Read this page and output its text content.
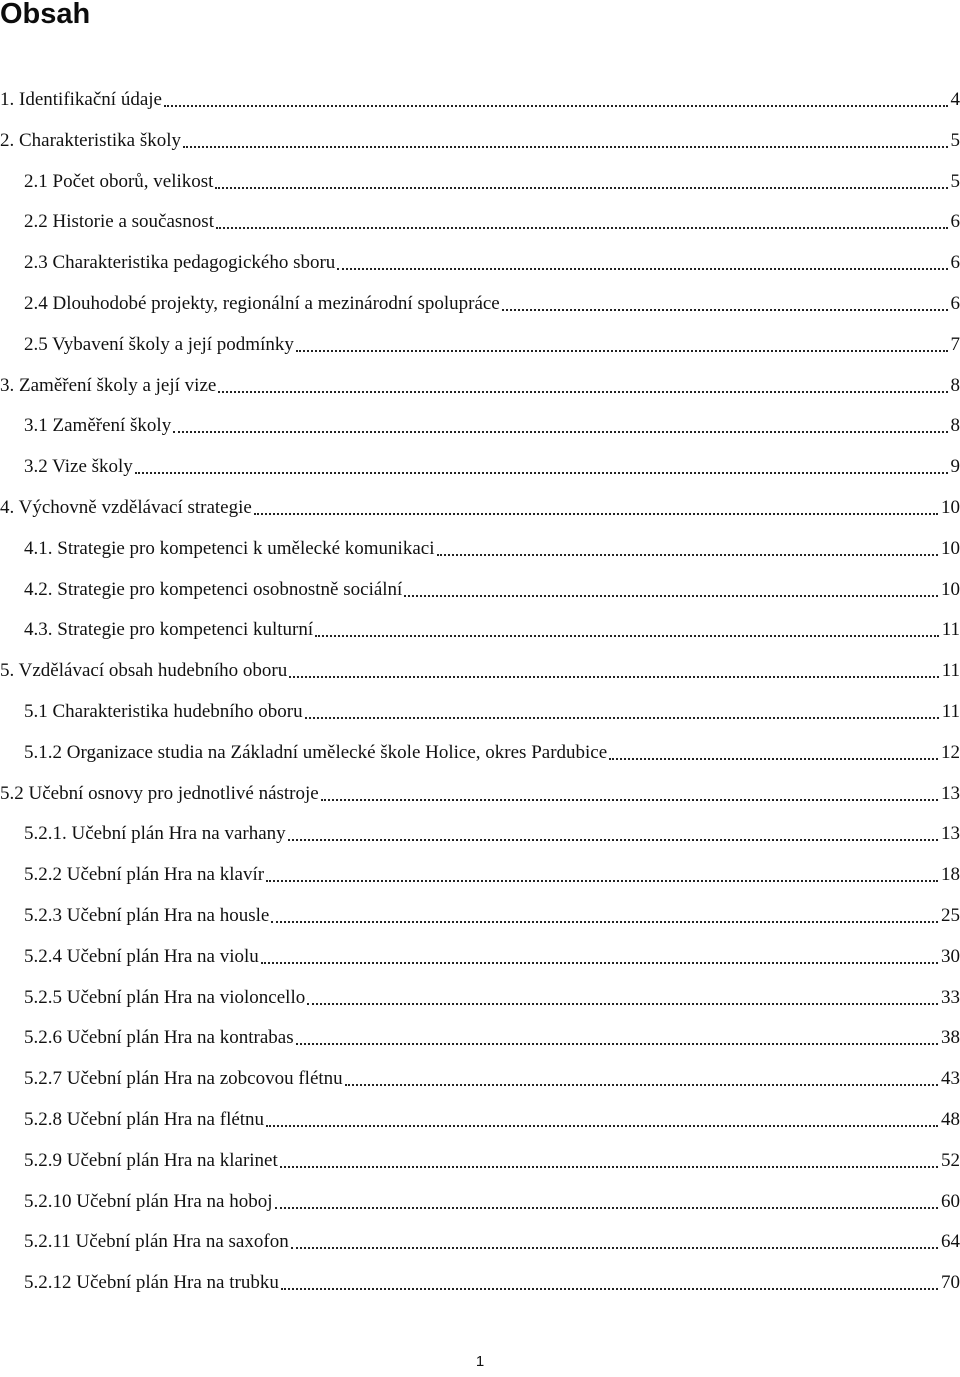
Obsah
1. Identifikační údaje	4
2. Charakteristika školy	5
2.1 Počet oborů, velikost	5
2.2 Historie a současnost	6
2.3 Charakteristika pedagogického sboru	6
2.4 Dlouhodobé projekty, regionální a mezinárodní spolupráce	6
2.5 Vybavení školy a její podmínky	7
3. Zaměření školy a její vize	8
3.1 Zaměření školy	8
3.2 Vize školy	9
4. Výchovně vzdělávací strategie	10
4.1. Strategie pro kompetenci k umělecké komunikaci	10
4.2. Strategie pro kompetenci osobnostně sociální	10
4.3. Strategie pro kompetenci kulturní	11
5. Vzdělávací obsah hudebního oboru	11
5.1 Charakteristika hudebního oboru	11
5.1.2 Organizace studia na Základní umělecké škole Holice, okres Pardubice	12
5.2 Učební osnovy pro jednotlivé nástroje	13
5.2.1. Učební plán Hra na varhany	13
5.2.2 Učební plán Hra na klavír	18
5.2.3 Učební plán Hra na housle	25
5.2.4 Učební plán Hra na violu	30
5.2.5 Učební plán Hra na violoncello	33
5.2.6 Učební plán Hra na kontrabas	38
5.2.7 Učební plán Hra na zobcovou flétnu	43
5.2.8 Učební plán Hra na flétnu	48
5.2.9 Učební plán Hra na klarinet	52
5.2.10 Učební plán Hra na hoboj	60
5.2.11 Učební plán Hra na saxofon	64
5.2.12 Učební plán Hra na trubku	70
1
